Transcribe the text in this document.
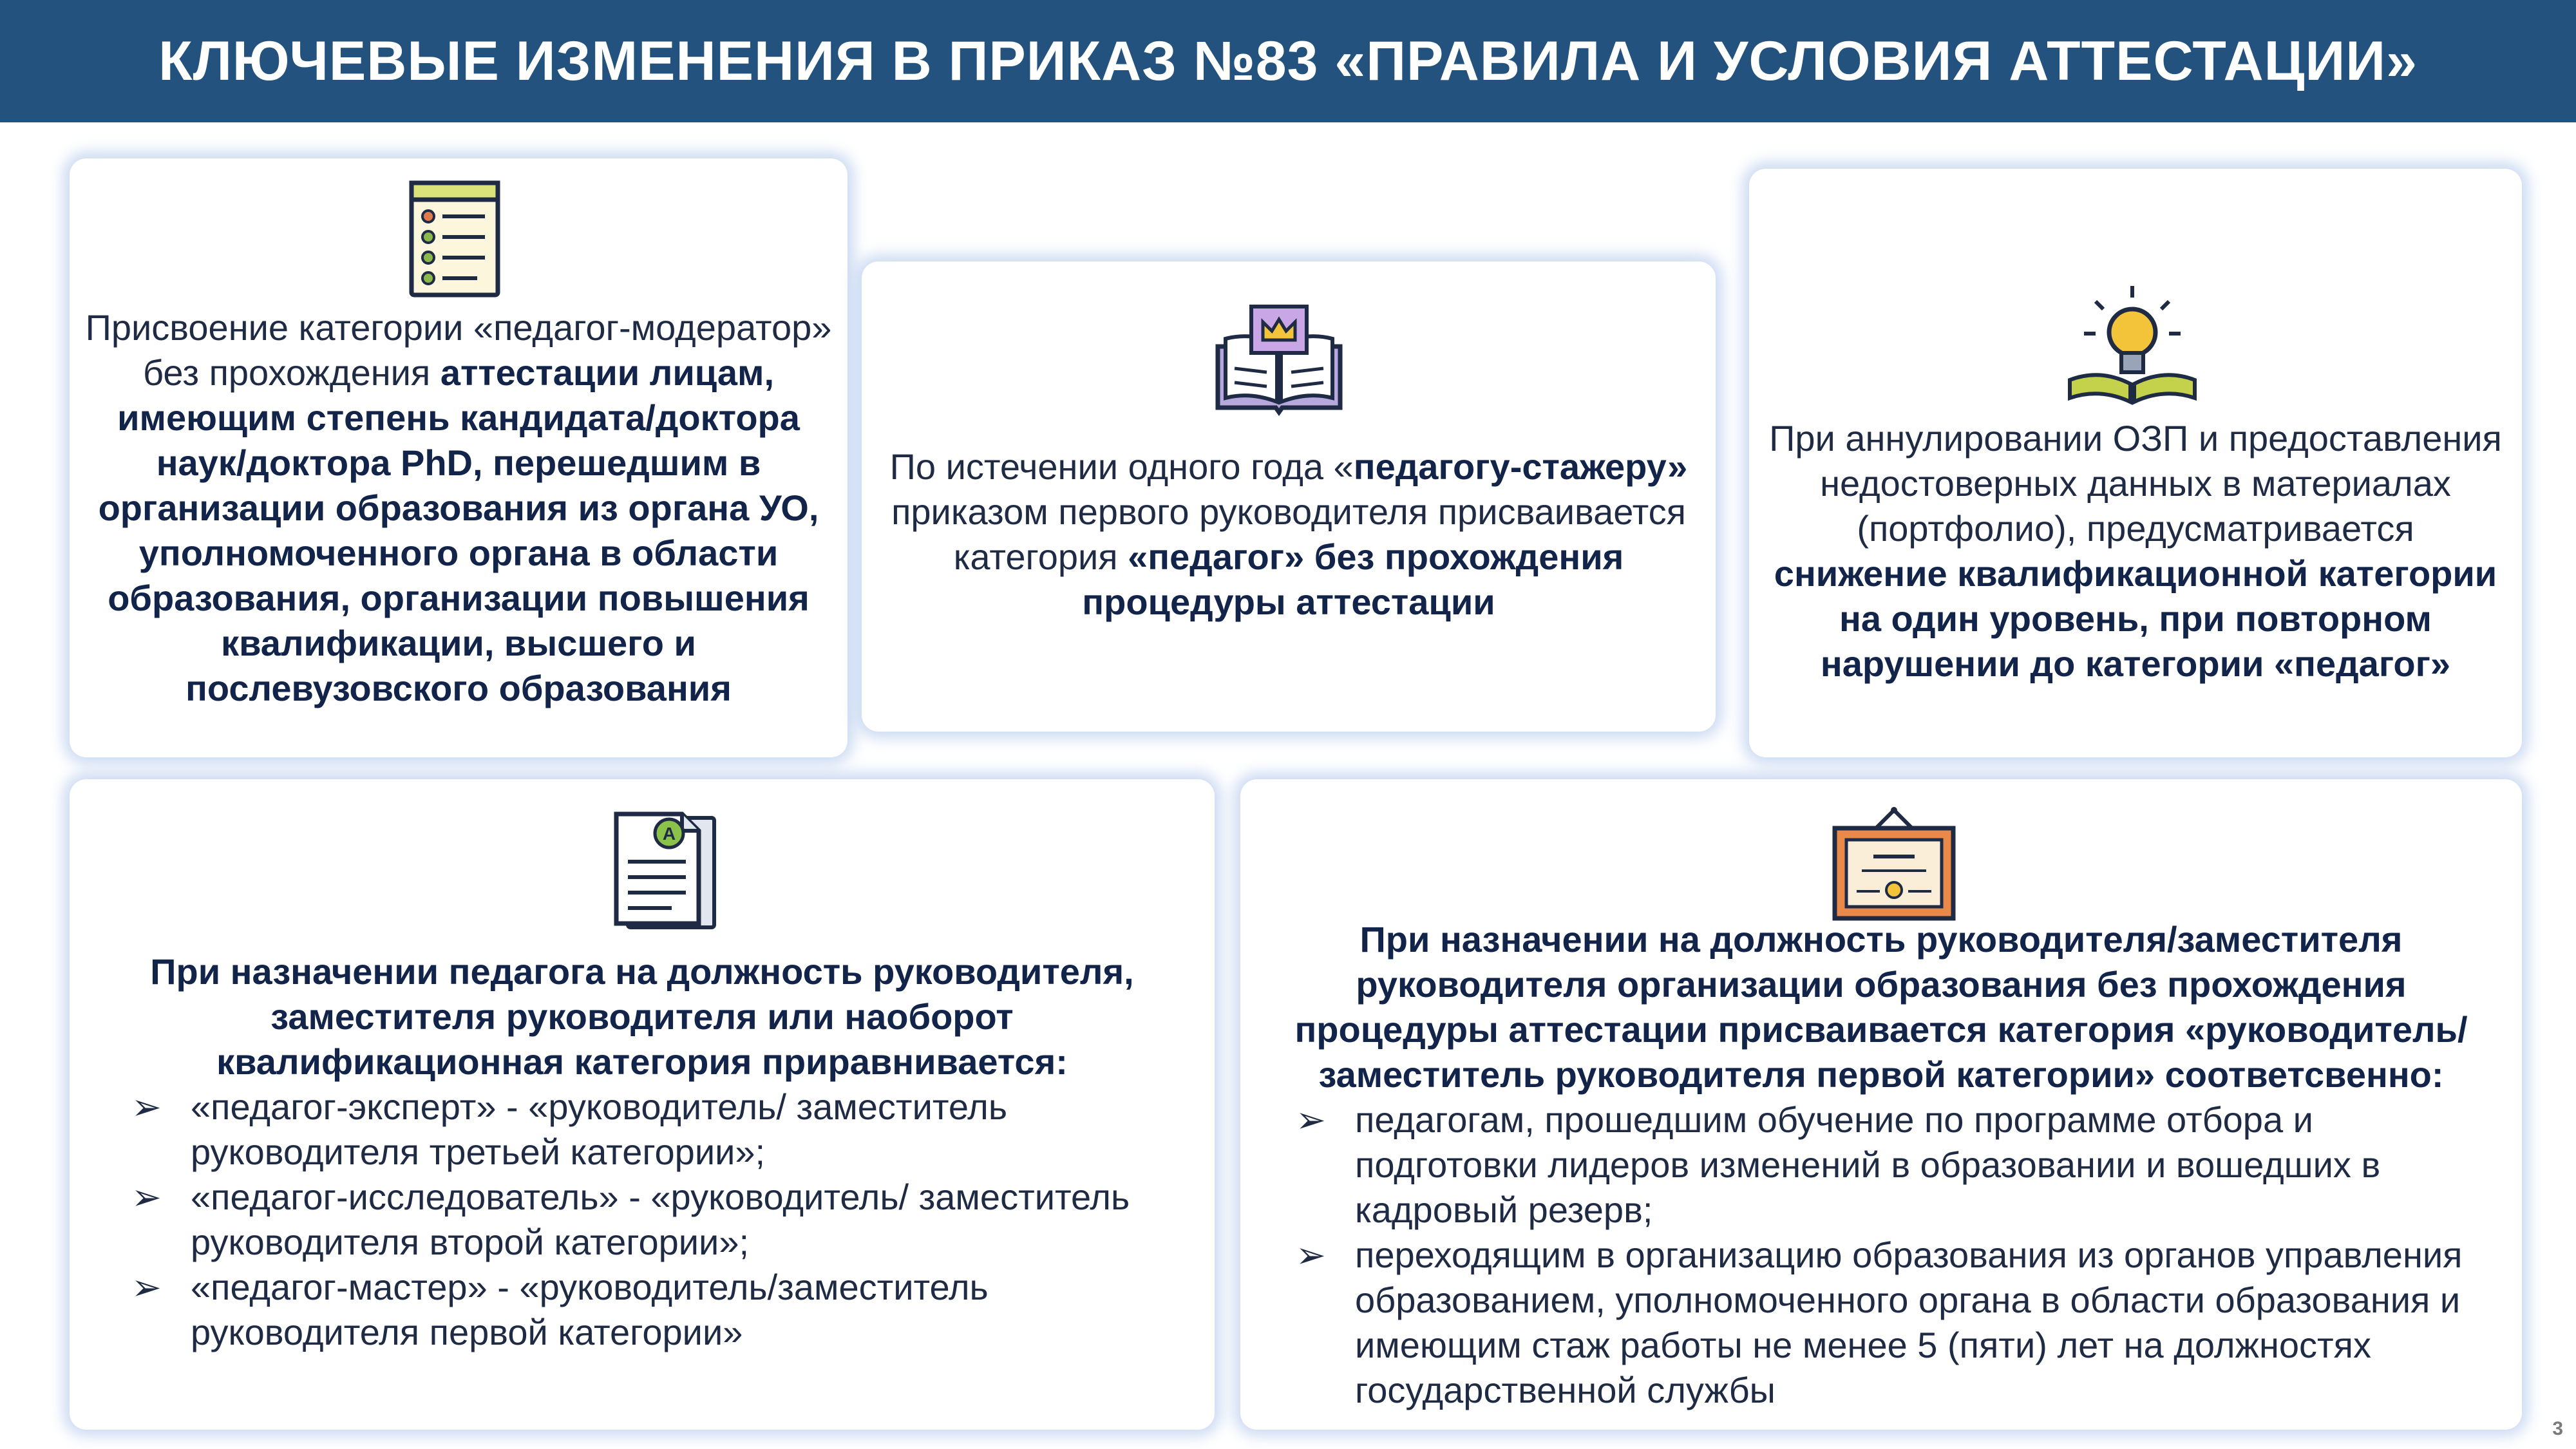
КЛЮЧЕВЫЕ ИЗМЕНЕНИЯ В ПРИКАЗ №83 «ПРАВИЛА И УСЛОВИЯ АТТЕСТАЦИИ»
Присвоение категории «педагог-модератор» без прохождения аттестации лицам, имеющим степень кандидата/доктора наук/доктора PhD, перешедшим в организации образования из органа УО, уполномоченного органа в области образования, организации повышения квалификации, высшего и послевузовского образования
По истечении одного года «педагогу-стажеру» приказом первого руководителя присваивается категория «педагог» без прохождения процедуры аттестации
При аннулировании ОЗП и предоставления недостоверных данных в материалах (портфолио), предусматривается снижение квалификационной категории на один уровень, при повторном нарушении до категории «педагог»
A
При назначении педагога на должность руководителя, заместителя руководителя или наоборот квалификационная категория приравнивается:
➢ «педагог-эксперт» - «руководитель/ заместитель руководителя третьей категории»;
➢ «педагог-исследователь» - «руководитель/ заместитель руководителя второй категории»;
➢ «педагог-мастер» - «руководитель/заместитель руководителя первой категории»
При назначении на должность руководителя/заместителя руководителя организации образования без прохождения процедуры аттестации присваивается категория «руководитель/ заместитель руководителя первой категории» соответсвенно:
➢ педагогам, прошедшим обучение по программе отбора и подготовки лидеров изменений в образовании и вошедших в кадровый резерв;
➢ переходящим в организацию образования из органов управления образованием, уполномоченного органа в области образования и имеющим стаж работы не менее 5 (пяти) лет на должностях государственной службы
3
